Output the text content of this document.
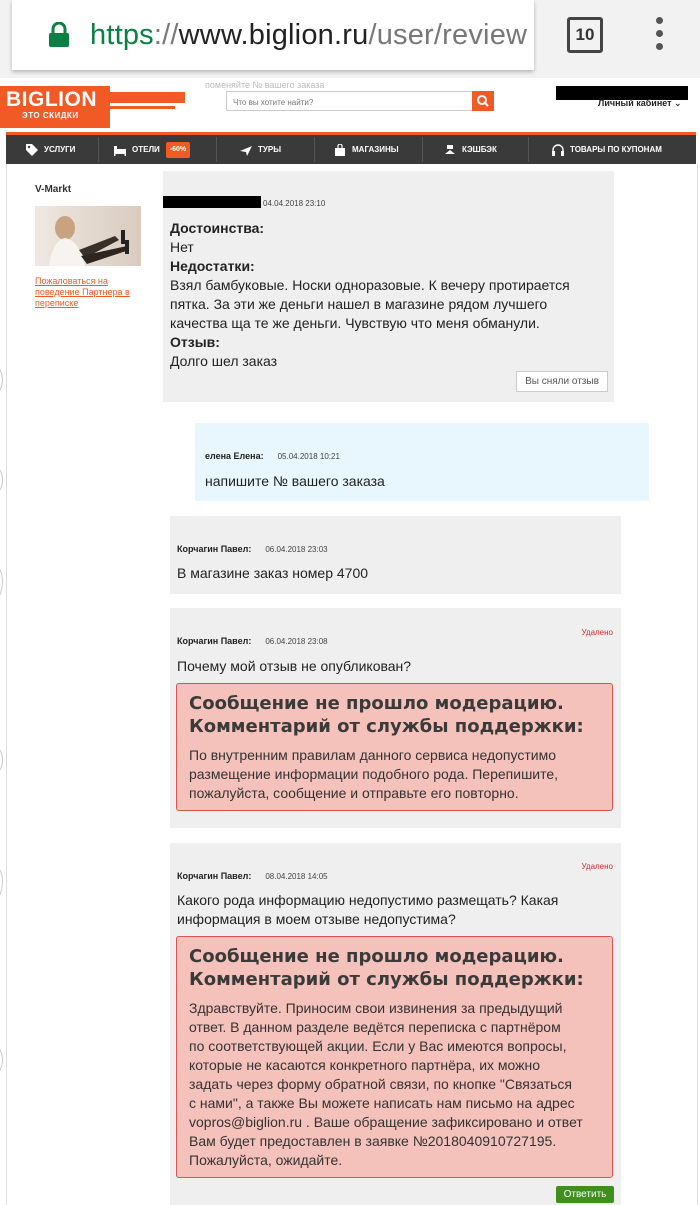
https://www.biglion.ru/user/review	10
BIGLION
ЭТО СКИДКИ
поменяйте № вашего заказа
Что вы хотите найти?
Личный кабинет ⌄
УСЛУГИ	ОТЕЛИ -60%	ТУРЫ	МАГАЗИНЫ	КЭШБЭК	ТОВАРЫ ПО КУПОНАМ
V-Markt
Пожаловаться на поведение Партнера в переписке
04.04.2018 23:10
Достоинства:
Нет
Недостатки:
Взял бамбуковые. Носки одноразовые. К вечеру протирается
пятка. За эти же деньги нашел в магазине рядом лучшего
качества ща те же деньги. Чувствую что меня обманули.
Отзыв:
Долго шел заказ
Вы сняли отзыв
елена Елена: 05.04.2018 10:21
напишите № вашего заказа
Корчагин Павел: 06.04.2018 23:03
В магазине заказ номер 4700
Корчагин Павел: 06.04.2018 23:08
Удалено
Почему мой отзыв не опубликован?
Сообщение не прошло модерацию.
Комментарий от службы поддержки:
По внутренним правилам данного сервиса недопустимо
размещение информации подобного рода. Перепишите,
пожалуйста, сообщение и отправьте его повторно.
Корчагин Павел: 08.04.2018 14:05
Удалено
Какого рода информацию недопустимо размещать? Какая
информация в моем отзыве недопустима?
Сообщение не прошло модерацию.
Комментарий от службы поддержки:
Здравствуйте. Приносим свои извинения за предыдущий
ответ. В данном разделе ведётся переписка с партнёром
по соответствующей акции. Если у Вас имеются вопросы,
которые не касаются конкретного партнёра, их можно
задать через форму обратной связи, по кнопке "Связаться
с нами", а также Вы можете написать нам письмо на адрес
vopros@biglion.ru . Ваше обращение зафиксировано и ответ
Вам будет предоставлен в заявке №2018040910727195.
Пожалуйста, ожидайте.
Ответить
